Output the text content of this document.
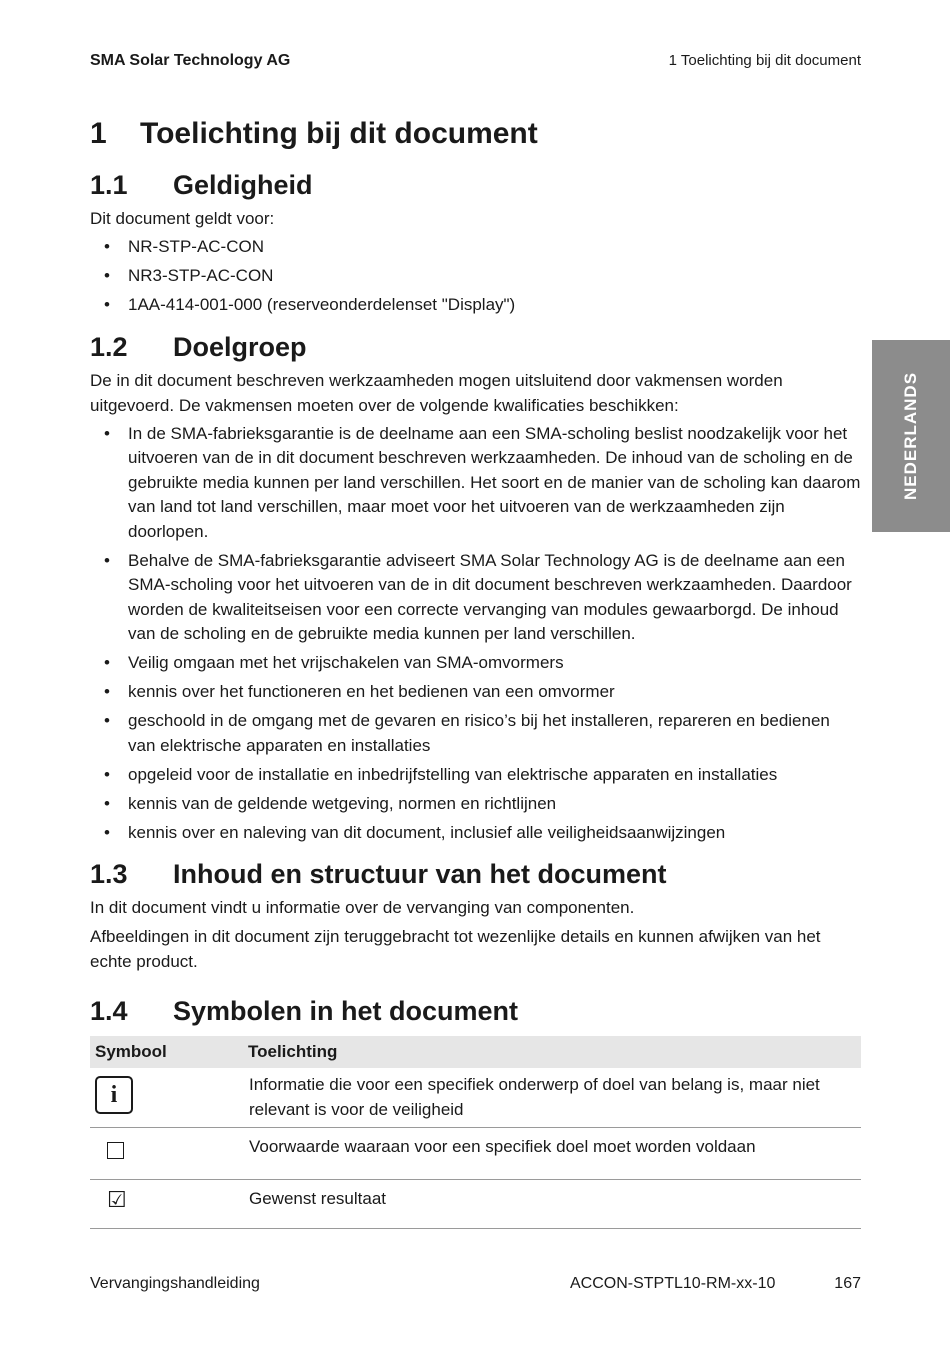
SMA Solar Technology AG	1 Toelichting bij dit document
NEDERLANDS
1 Toelichting bij dit document
1.1 Geldigheid

Dit document geldt voor:

• NR-STP-AC-CON
• NR3-STP-AC-CON
• 1AA-414-001-000 (reserveonderdelenset "Display")
1.2 Doelgroep

De in dit document beschreven werkzaamheden mogen uitsluitend door vakmensen worden uitgevoerd. De vakmensen moeten over de volgende kwalificaties beschikken:

• In de SMA-fabrieksgarantie is de deelname aan een SMA-scholing beslist noodzakelijk voor het uitvoeren van de in dit document beschreven werkzaamheden. De inhoud van de scholing en de gebruikte media kunnen per land verschillen. Het soort en de manier van de scholing kan daarom van land tot land verschillen, maar moet voor het uitvoeren van de werkzaamheden zijn doorlopen.
• Behalve de SMA-fabrieksgarantie adviseert SMA Solar Technology AG is de deelname aan een SMA-scholing voor het uitvoeren van de in dit document beschreven werkzaamheden. Daardoor worden de kwaliteitseisen voor een correcte vervanging van modules gewaarborgd. De inhoud van de scholing en de gebruikte media kunnen per land verschillen.
• Veilig omgaan met het vrijschakelen van SMA-omvormers
• kennis over het functioneren en het bedienen van een omvormer
• geschoold in de omgang met de gevaren en risico’s bij het installeren, repareren en bedienen van elektrische apparaten en installaties
• opgeleid voor de installatie en inbedrijfstelling van elektrische apparaten en installaties
• kennis van de geldende wetgeving, normen en richtlijnen
• kennis over en naleving van dit document, inclusief alle veiligheidsaanwijzingen
1.3 Inhoud en structuur van het document

In dit document vindt u informatie over de vervanging van componenten.

Afbeeldingen in dit document zijn teruggebracht tot wezenlijke details en kunnen afwijken van het echte product.

1.4 Symbolen in het document
Symbool	Toelichting
i	Informatie die voor een specifiek onderwerp of doel van belang is, maar niet relevant is voor de veiligheid
	Voorwaarde waaraan voor een specifiek doel moet worden voldaan
☑	Gewenst resultaat
Vervangingshandleiding	ACCON-STPTL10-RM-xx-10	167
